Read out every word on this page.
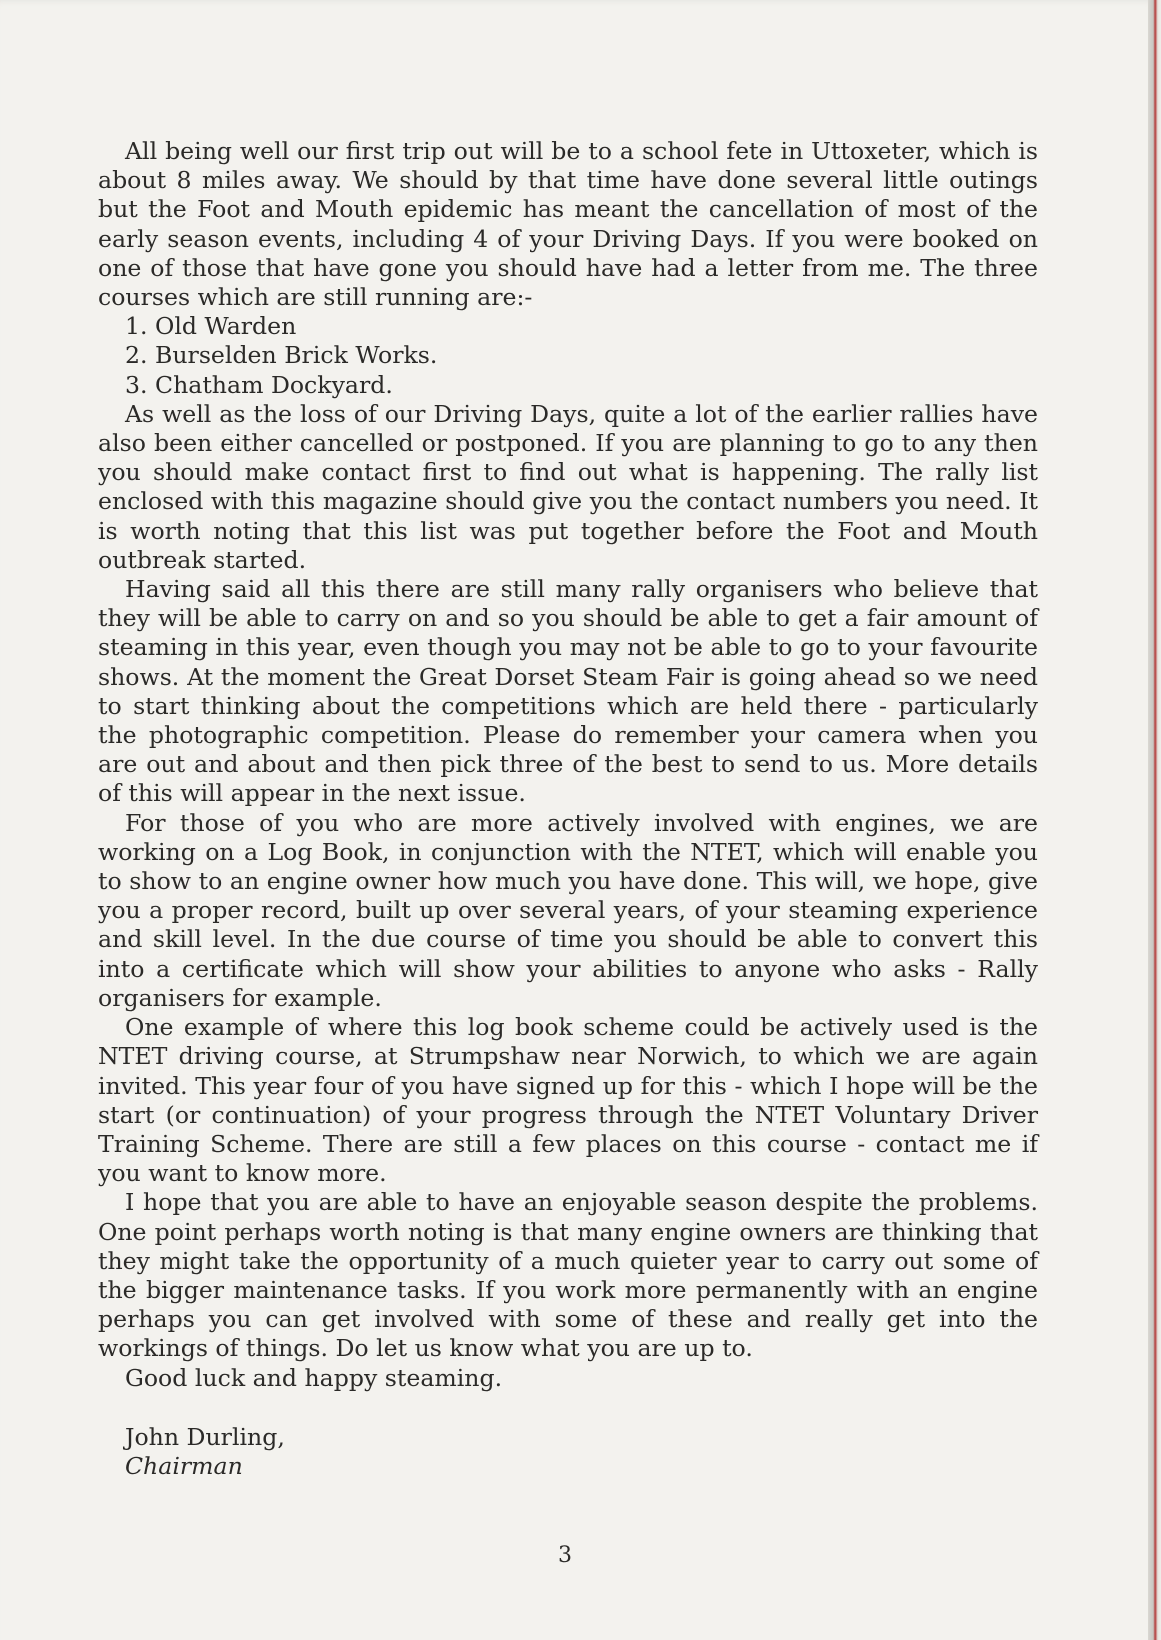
All being well our first trip out will be to a school fete in Uttoxeter, which is about 8 miles away. We should by that time have done several little outings but the Foot and Mouth epidemic has meant the cancellation of most of the early season events, including 4 of your Driving Days. If you were booked on one of those that have gone you should have had a letter from me. The three courses which are still running are:-

1. Old Warden
2. Burselden Brick Works.
3. Chatham Dockyard.

As well as the loss of our Driving Days, quite a lot of the earlier rallies have also been either cancelled or postponed. If you are planning to go to any then you should make contact first to find out what is happening. The rally list enclosed with this magazine should give you the contact numbers you need. It is worth noting that this list was put together before the Foot and Mouth outbreak started.

Having said all this there are still many rally organisers who believe that they will be able to carry on and so you should be able to get a fair amount of steaming in this year, even though you may not be able to go to your favourite shows. At the moment the Great Dorset Steam Fair is going ahead so we need to start thinking about the competitions which are held there - particularly the photographic competition. Please do remember your camera when you are out and about and then pick three of the best to send to us. More details of this will appear in the next issue.

For those of you who are more actively involved with engines, we are working on a Log Book, in conjunction with the NTET, which will enable you to show to an engine owner how much you have done. This will, we hope, give you a proper record, built up over several years, of your steaming experience and skill level. In the due course of time you should be able to convert this into a certificate which will show your abilities to anyone who asks - Rally organisers for example.

One example of where this log book scheme could be actively used is the NTET driving course, at Strumpshaw near Norwich, to which we are again invited. This year four of you have signed up for this - which I hope will be the start (or continuation) of your progress through the NTET Voluntary Driver Training Scheme. There are still a few places on this course - contact me if you want to know more.

I hope that you are able to have an enjoyable season despite the problems. One point perhaps worth noting is that many engine owners are thinking that they might take the opportunity of a much quieter year to carry out some of the bigger maintenance tasks. If you work more permanently with an engine perhaps you can get involved with some of these and really get into the workings of things. Do let us know what you are up to.

Good luck and happy steaming.

John Durling,
Chairman
3
